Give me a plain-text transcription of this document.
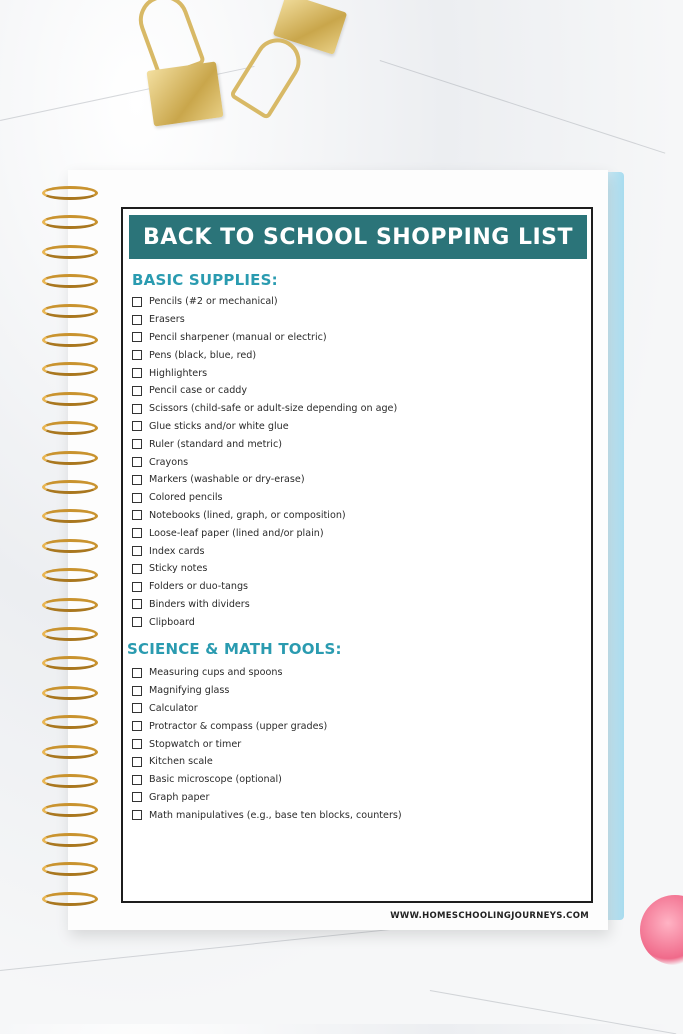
BACK TO SCHOOL SHOPPING LIST
BASIC SUPPLIES:
Pencils (#2 or mechanical)
Erasers
Pencil sharpener (manual or electric)
Pens (black, blue, red)
Highlighters
Pencil case or caddy
Scissors (child-safe or adult-size depending on age)
Glue sticks and/or white glue
Ruler (standard and metric)
Crayons
Markers (washable or dry-erase)
Colored pencils
Notebooks (lined, graph, or composition)
Loose-leaf paper (lined and/or plain)
Index cards
Sticky notes
Folders or duo-tangs
Binders with dividers
Clipboard
SCIENCE & MATH TOOLS:
Measuring cups and spoons
Magnifying glass
Calculator
Protractor & compass (upper grades)
Stopwatch or timer
Kitchen scale
Basic microscope (optional)
Graph paper
Math manipulatives (e.g., base ten blocks, counters)
WWW.HOMESCHOOLINGJOURNEYS.COM
